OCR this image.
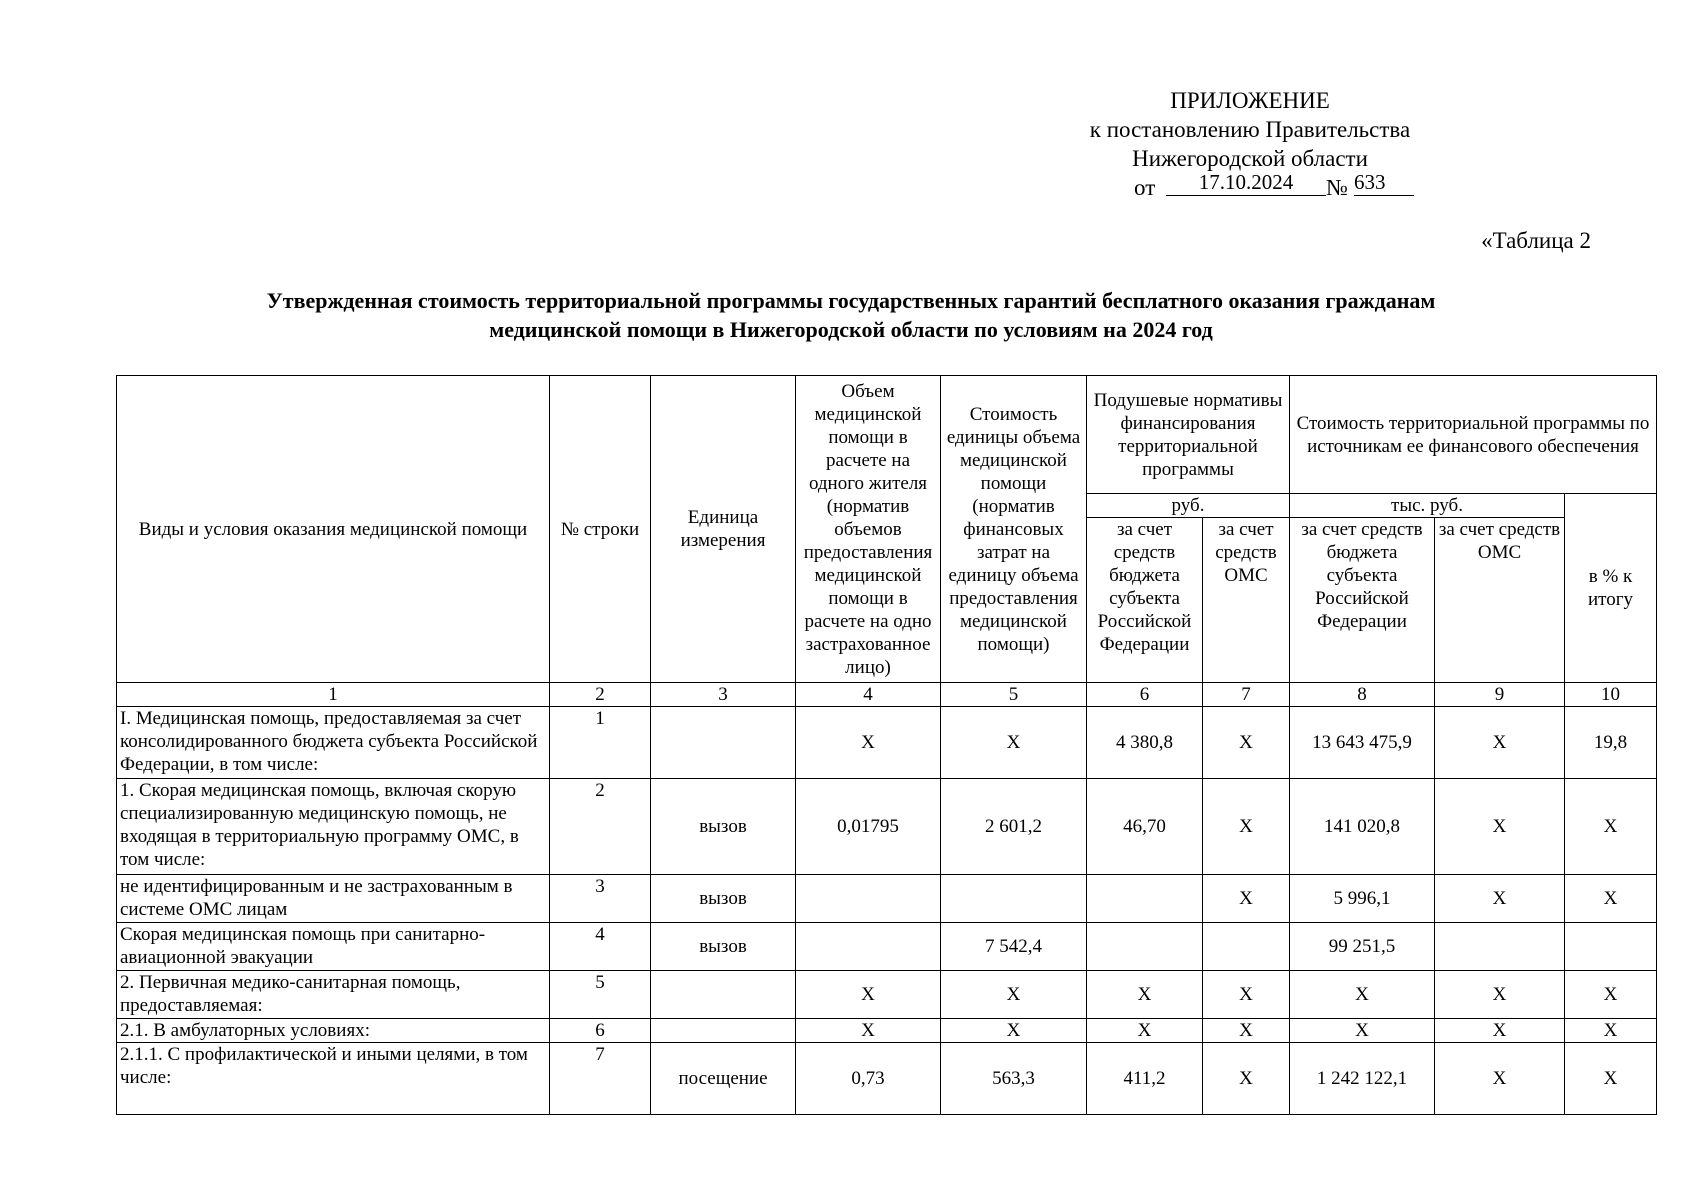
ПРИЛОЖЕНИЕ
к постановлению Правительства
Нижегородской области
от	17.10.2024	№ 633
«Таблица 2
Утвержденная стоимость территориальной программы государственных гарантий бесплатного оказания гражданам
медицинской помощи в Нижегородской области по условиям на 2024 год
Виды и условия оказания медицинской помощи	№ строки	Единица измерения	Объем медицинской помощи в расчете на одного жителя (норматив объемов предоставления медицинской помощи в расчете на одно застрахованное лицо)	Стоимость единицы объема медицинской помощи (норматив финансовых затрат на единицу объема предоставления медицинской помощи)	Подушевые нормативы финансирования территориальной программы		Стоимость территориальной программы по источникам ее финансового обеспечения		
					руб.		тыс. руб.		в % к итогу
					за счет средств бюджета субъекта Российской Федерации	за счет средств ОМС	за счет средств бюджета субъекта Российской Федерации	за счет средств ОМС	
1	2	3	4	5	6	7	8	9	10
I. Медицинская помощь, предоставляемая за счет консолидированного бюджета субъекта Российской Федерации, в том числе:	1		X	X	4 380,8	X	13 643 475,9	X	19,8
1. Скорая медицинская помощь, включая скорую специализированную медицинскую помощь, не входящая в территориальную программу ОМС, в том числе:	2	вызов	0,01795	2 601,2	46,70	X	141 020,8	X	X
не идентифицированным и не застрахованным в системе ОМС лицам	3	вызов				X	5 996,1	X	X
Скорая медицинская помощь при санитарно-авиационной эвакуации	4	вызов		7 542,4			99 251,5		
2. Первичная медико-санитарная помощь, предоставляемая:	5		X	X	X	X	X	X	X
2.1. В амбулаторных условиях:	6		X	X	X	X	X	X	X
2.1.1. С профилактической и иными целями, в том числе:	7	посещение	0,73	563,3	411,2	X	1 242 122,1	X	X
